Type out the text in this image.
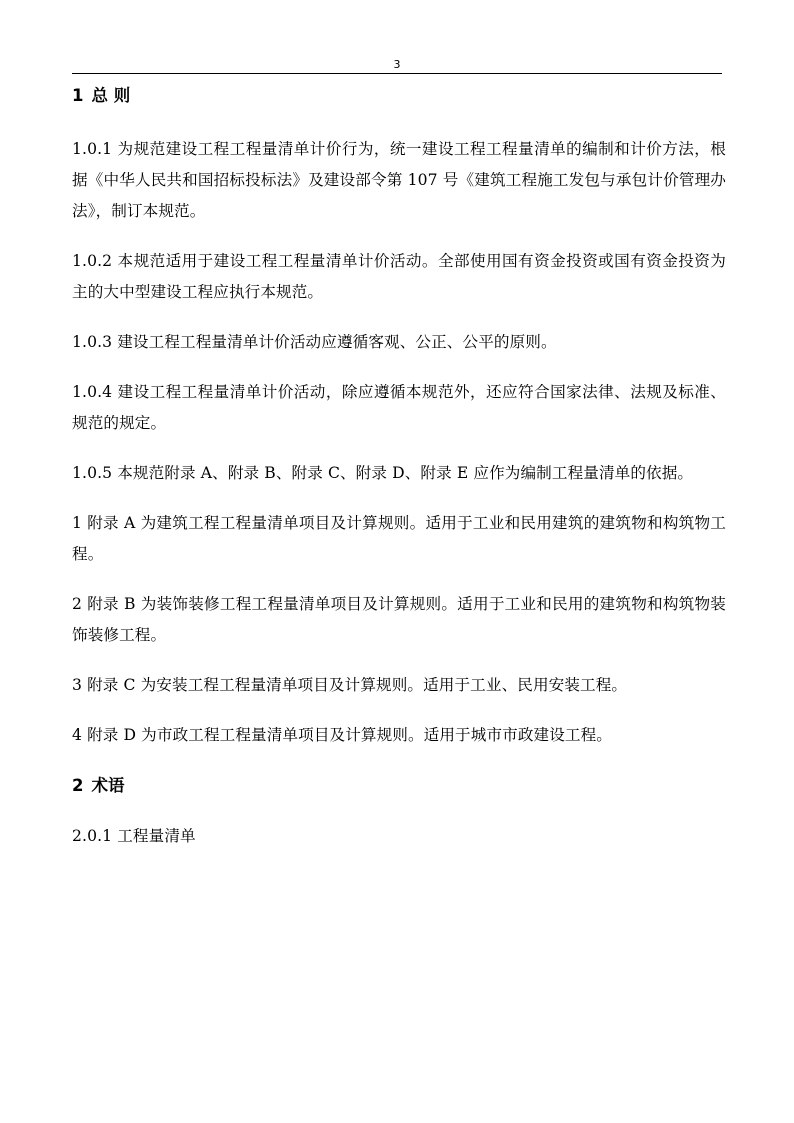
3
1 总 则

1.0.1 为规范建设工程工程量清单计价行为，统一建设工程工程量清单的编制和计价方法，根据《中华人民共和国招标投标法》及建设部令第 107 号《建筑工程施工发包与承包计价管理办法》，制订本规范。

1.0.2 本规范适用于建设工程工程量清单计价活动。全部使用国有资金投资或国有资金投资为主的大中型建设工程应执行本规范。

1.0.3 建设工程工程量清单计价活动应遵循客观、公正、公平的原则。

1.0.4 建设工程工程量清单计价活动，除应遵循本规范外，还应符合国家法律、法规及标准、规范的规定。

1.0.5 本规范附录 A、附录 B、附录 C、附录 D、附录 E 应作为编制工程量清单的依据。

1 附录 A 为建筑工程工程量清单项目及计算规则。适用于工业和民用建筑的建筑物和构筑物工程。

2 附录 B 为装饰装修工程工程量清单项目及计算规则。适用于工业和民用的建筑物和构筑物装饰装修工程。

3 附录 C 为安装工程工程量清单项目及计算规则。适用于工业、民用安装工程。

4 附录 D 为市政工程工程量清单项目及计算规则。适用于城市市政建设工程。

2 术语

2.0.1 工程量清单
